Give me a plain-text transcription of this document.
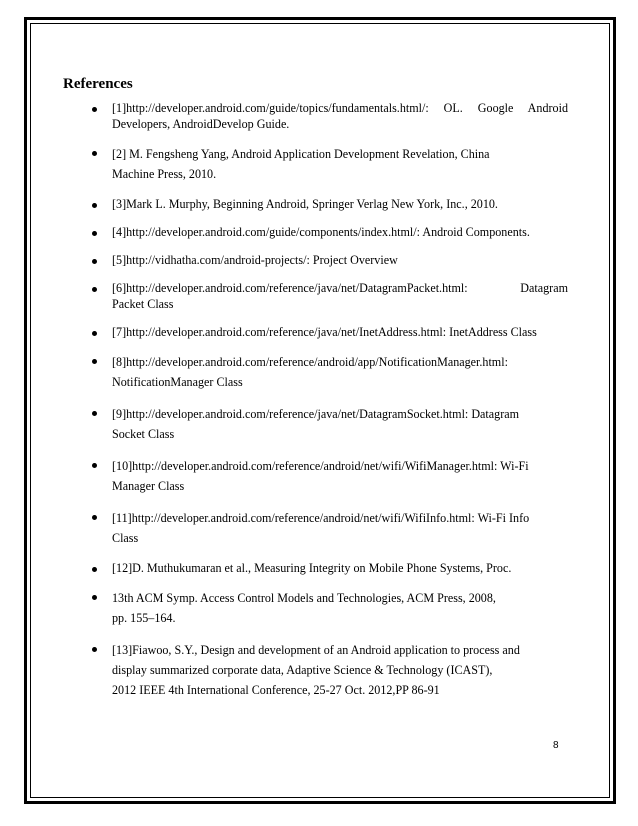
References
[1]http://developer.android.com/guide/topics/fundamentals.html/: OL. Google Android
Developers, AndroidDevelop Guide.
[2] M. Fengsheng Yang, Android Application Development Revelation, China
Machine Press, 2010.
[3]Mark L. Murphy, Beginning Android, Springer Verlag New York, Inc., 2010.
[4]http://developer.android.com/guide/components/index.html/: Android Components.
[5]http://vidhatha.com/android-projects/: Project Overview
[6]http://developer.android.com/reference/java/net/DatagramPacket.html: Datagram
Packet Class
[7]http://developer.android.com/reference/java/net/InetAddress.html: InetAddress Class
[8]http://developer.android.com/reference/android/app/NotificationManager.html:
NotificationManager Class
[9]http://developer.android.com/reference/java/net/DatagramSocket.html: Datagram
Socket Class
[10]http://developer.android.com/reference/android/net/wifi/WifiManager.html: Wi-Fi
Manager Class
[11]http://developer.android.com/reference/android/net/wifi/WifiInfo.html: Wi-Fi Info
Class
[12]D. Muthukumaran et al., Measuring Integrity on Mobile Phone Systems, Proc.
13th ACM Symp. Access Control Models and Technologies, ACM Press, 2008,
pp. 155–164.
[13]Fiawoo, S.Y., Design and development of an Android application to process and
display summarized corporate data, Adaptive Science & Technology (ICAST),
2012 IEEE 4th International Conference, 25-27 Oct. 2012,PP 86-91
8
